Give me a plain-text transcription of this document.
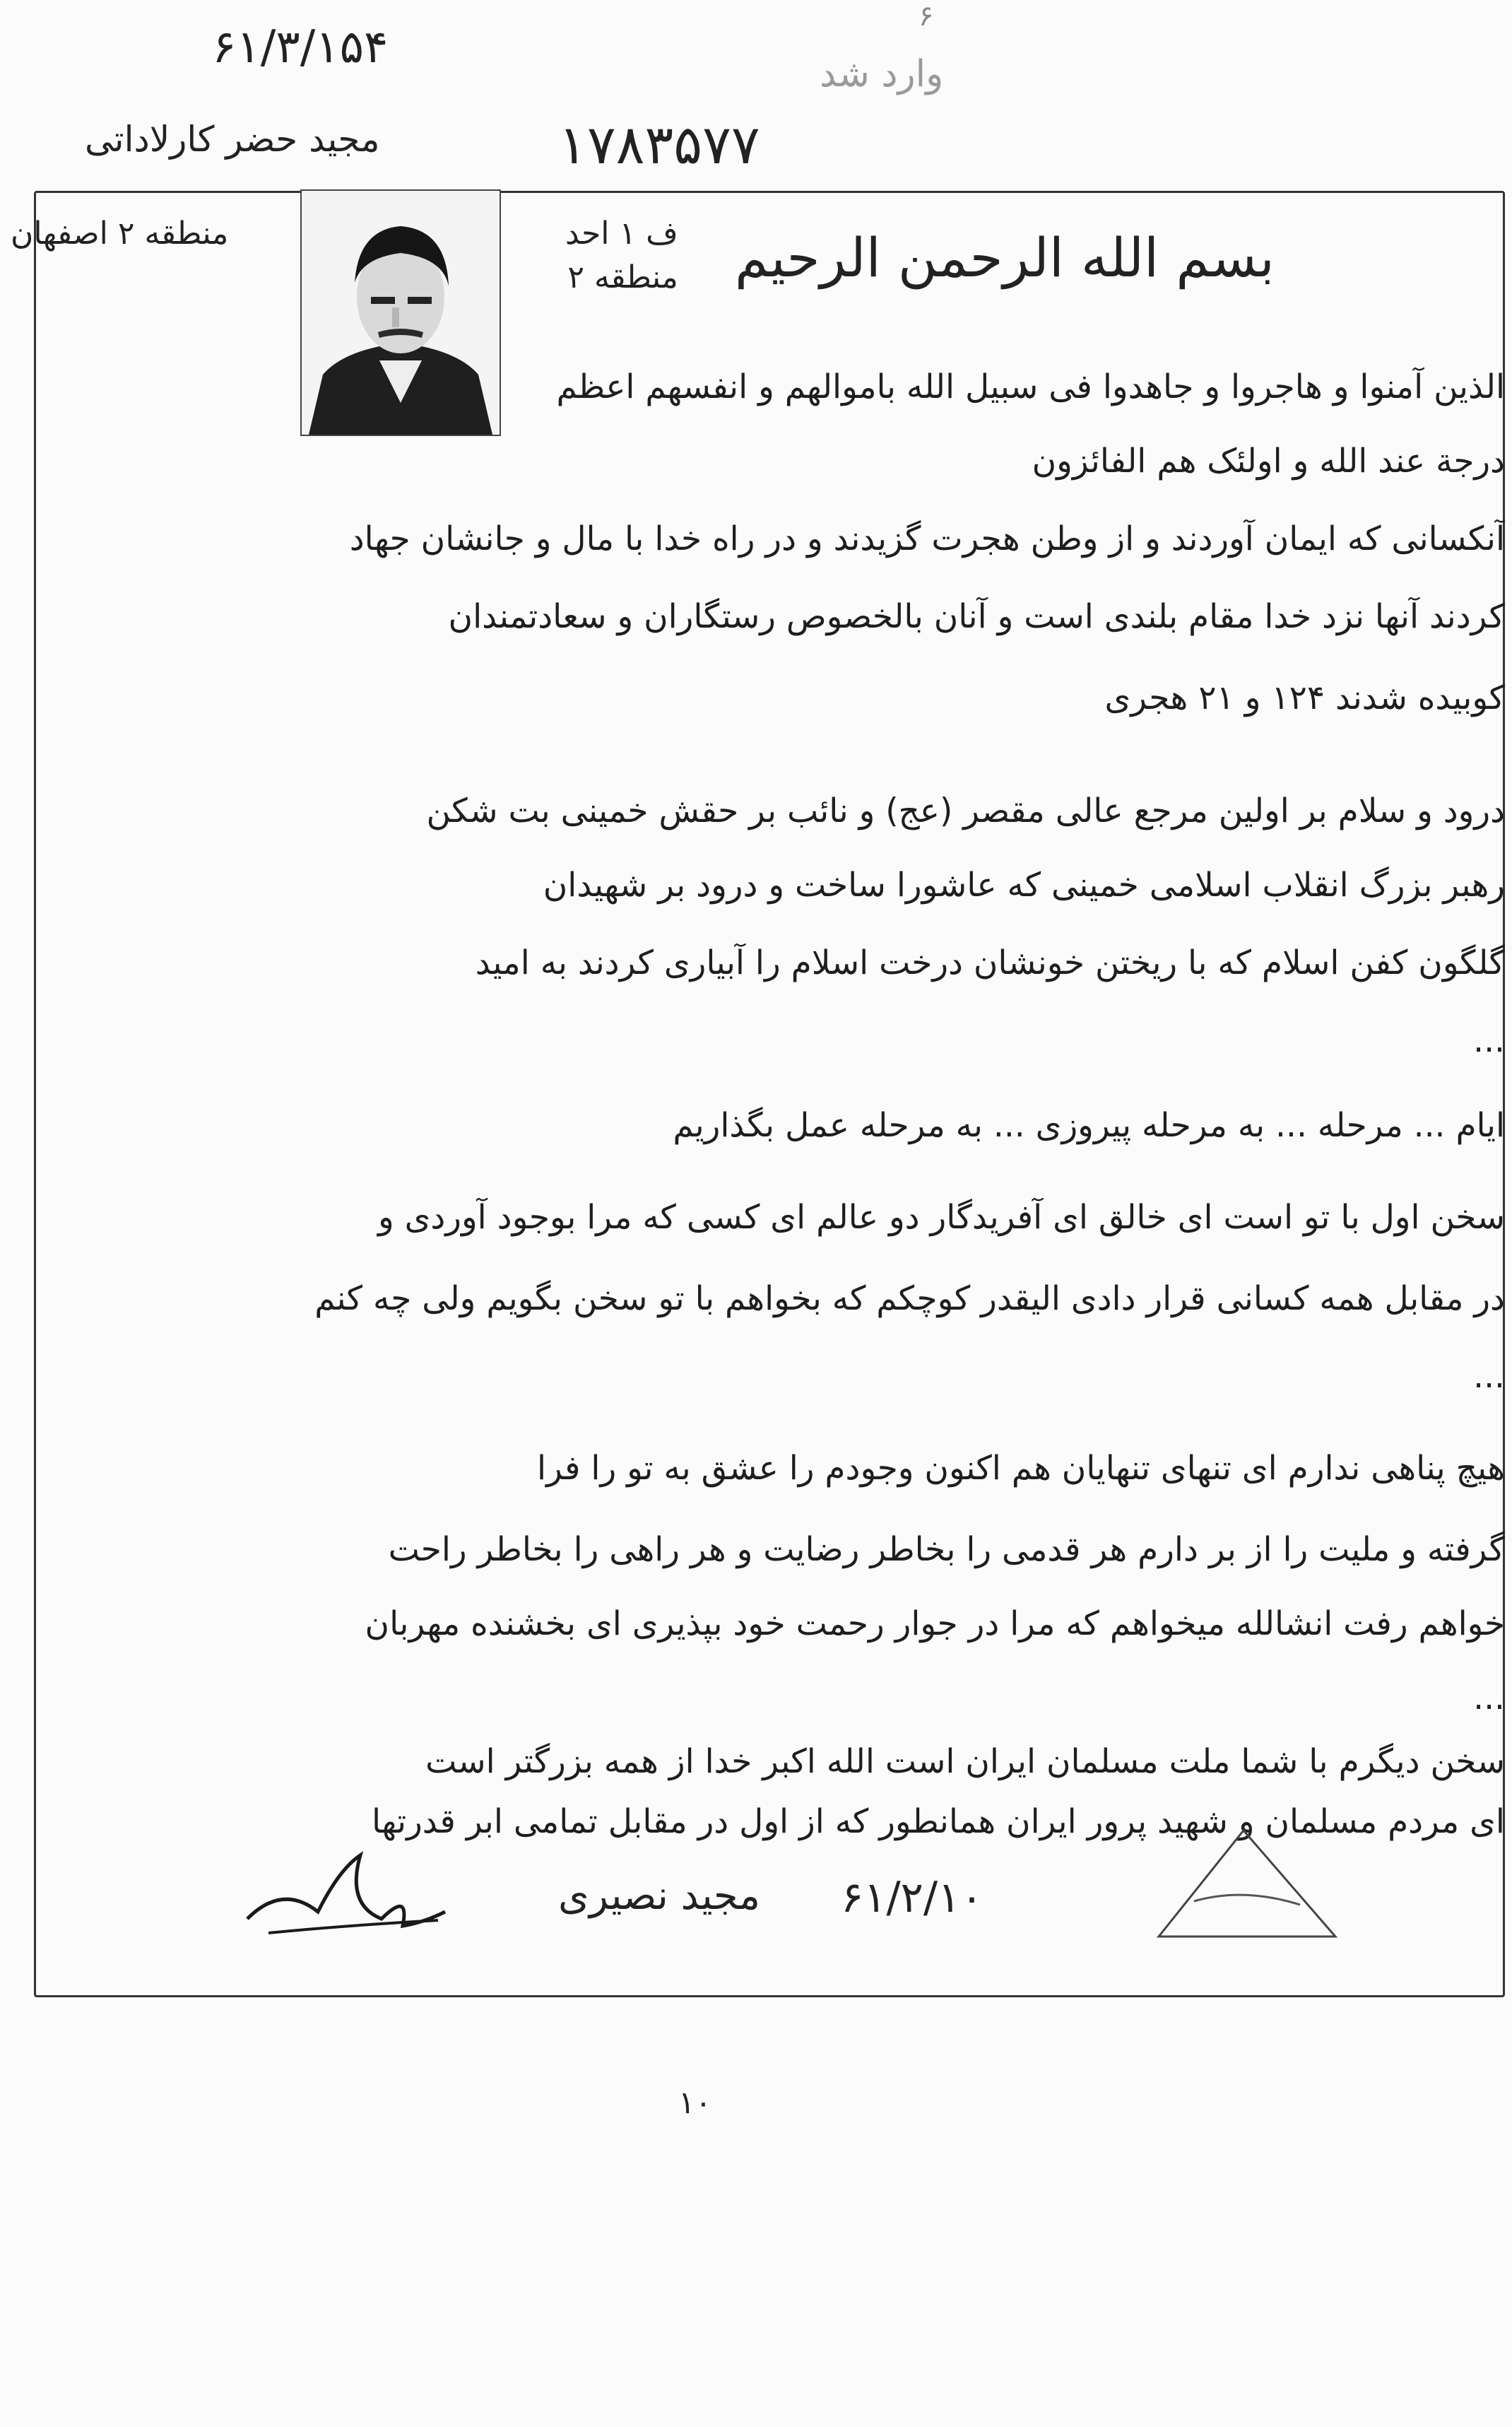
۶۱/۳/۱۵۴
مجید حضر کارلاداتی	۱۷۸۳۵۷۷
وارد شد
۶
منطقه ۲ اصفهان	بسم الله الرحمن الرحیم
ف ۱ احد
منطقه ۲
الذین آمنوا و هاجروا و جاهدوا فی سبیل الله باموالهم و انفسهم اعظم
درجة عند الله و اولئک هم الفائزون
آنکسانی که ایمان آوردند و از وطن هجرت گزیدند و در راه خدا با مال و جانشان جهاد
کردند آنها نزد خدا مقام بلندی است و آنان بالخصوص رستگاران و سعادتمندان
کوبیده شدند ۱۲۴ و ۲۱ هجری
درود و سلام بر اولین مرجع عالی مقصر (عج) و نائب بر حقش خمینی بت شکن
رهبر بزرگ انقلاب اسلامی خمینی که عاشورا ساخت و درود بر شهیدان
گلگون کفن اسلام که با ریختن خونشان درخت اسلام را آبیاری کردند به امید
...
ایام ... مرحله ... به مرحله پیروزی ... به مرحله عمل بگذاریم
سخن اول با تو است ای خالق ای آفریدگار دو عالم ای کسی که مرا بوجود آوردی و
در مقابل همه کسانی قرار دادی الیقدر کوچکم که بخواهم با تو سخن بگویم ولی چه کنم
...
هیچ پناهی ندارم ای تنهای تنهایان هم اکنون وجودم را عشق به تو را فرا
گرفته و ملیت را از بر دارم هر قدمی را بخاطر رضایت و هر راهی را بخاطر راحت
خواهم رفت انشالله میخواهم که مرا در جوار رحمت خود بپذیری ای بخشنده مهربان
...
سخن دیگرم با شما ملت مسلمان ایران است الله اکبر خدا از همه بزرگتر است
ای مردم مسلمان و شهید پرور ایران همانطور که از اول در مقابل تمامی ابر قدرتها
مجید نصیری ۶۱/۲/۱۰
۱۰
